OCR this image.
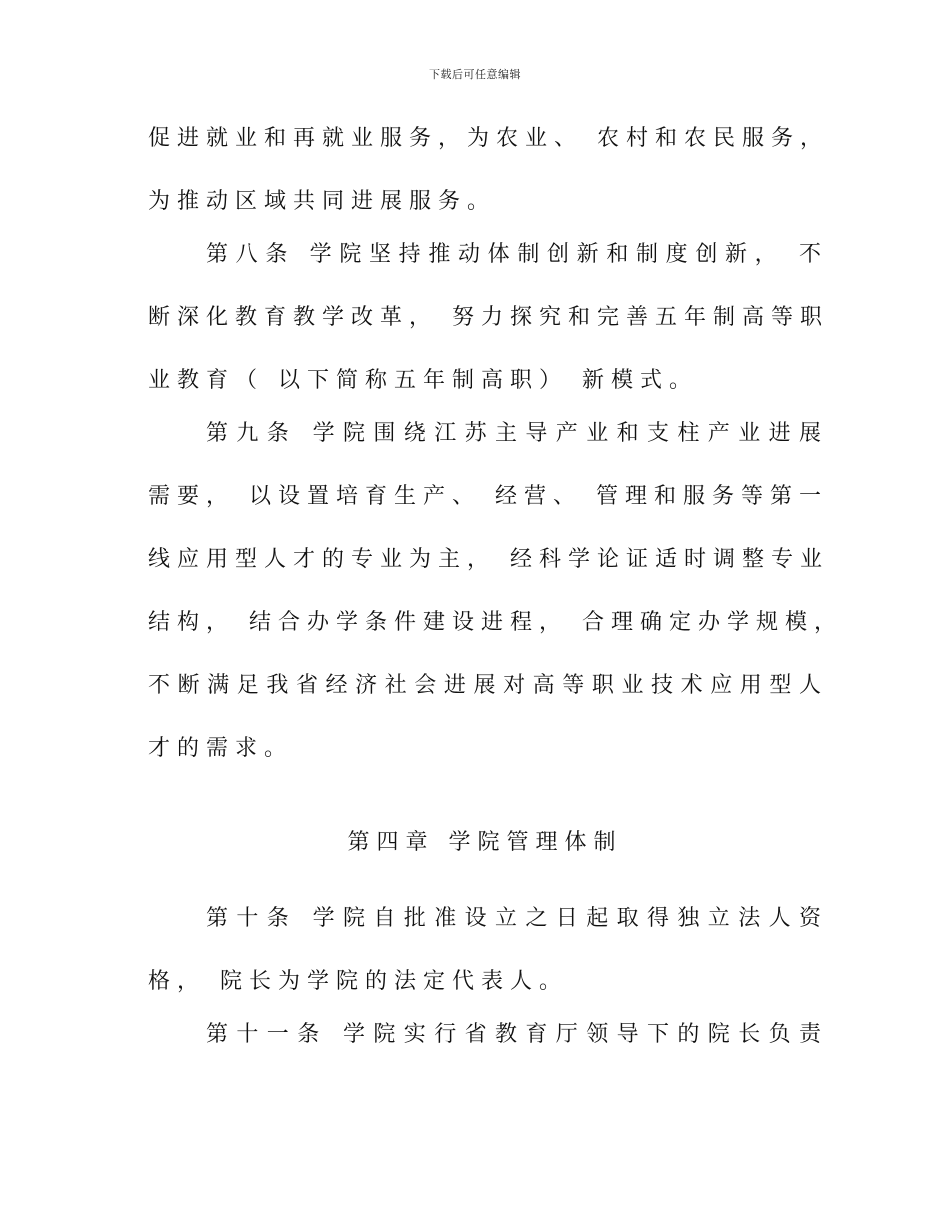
下载后可任意编辑
促进就业和再就业服务，为农业、 农村和农民服务，
为推动区域共同进展服务。
第八条 学院坚持推动体制创新和制度创新， 不
断深化教育教学改革， 努力探究和完善五年制高等职
业教育（ 以下简称五年制高职） 新模式。
第九条 学院围绕江苏主导产业和支柱产业进展
需要， 以设置培育生产、 经营、 管理和服务等第一
线应用型人才的专业为主， 经科学论证适时调整专业
结构， 结合办学条件建设进程， 合理确定办学规模，
不断满足我省经济社会进展对高等职业技术应用型人
才的需求。
第四章 学院管理体制
第十条 学院自批准设立之日起取得独立法人资
格， 院长为学院的法定代表人。
第十一条 学院实行省教育厅领导下的院长负责
